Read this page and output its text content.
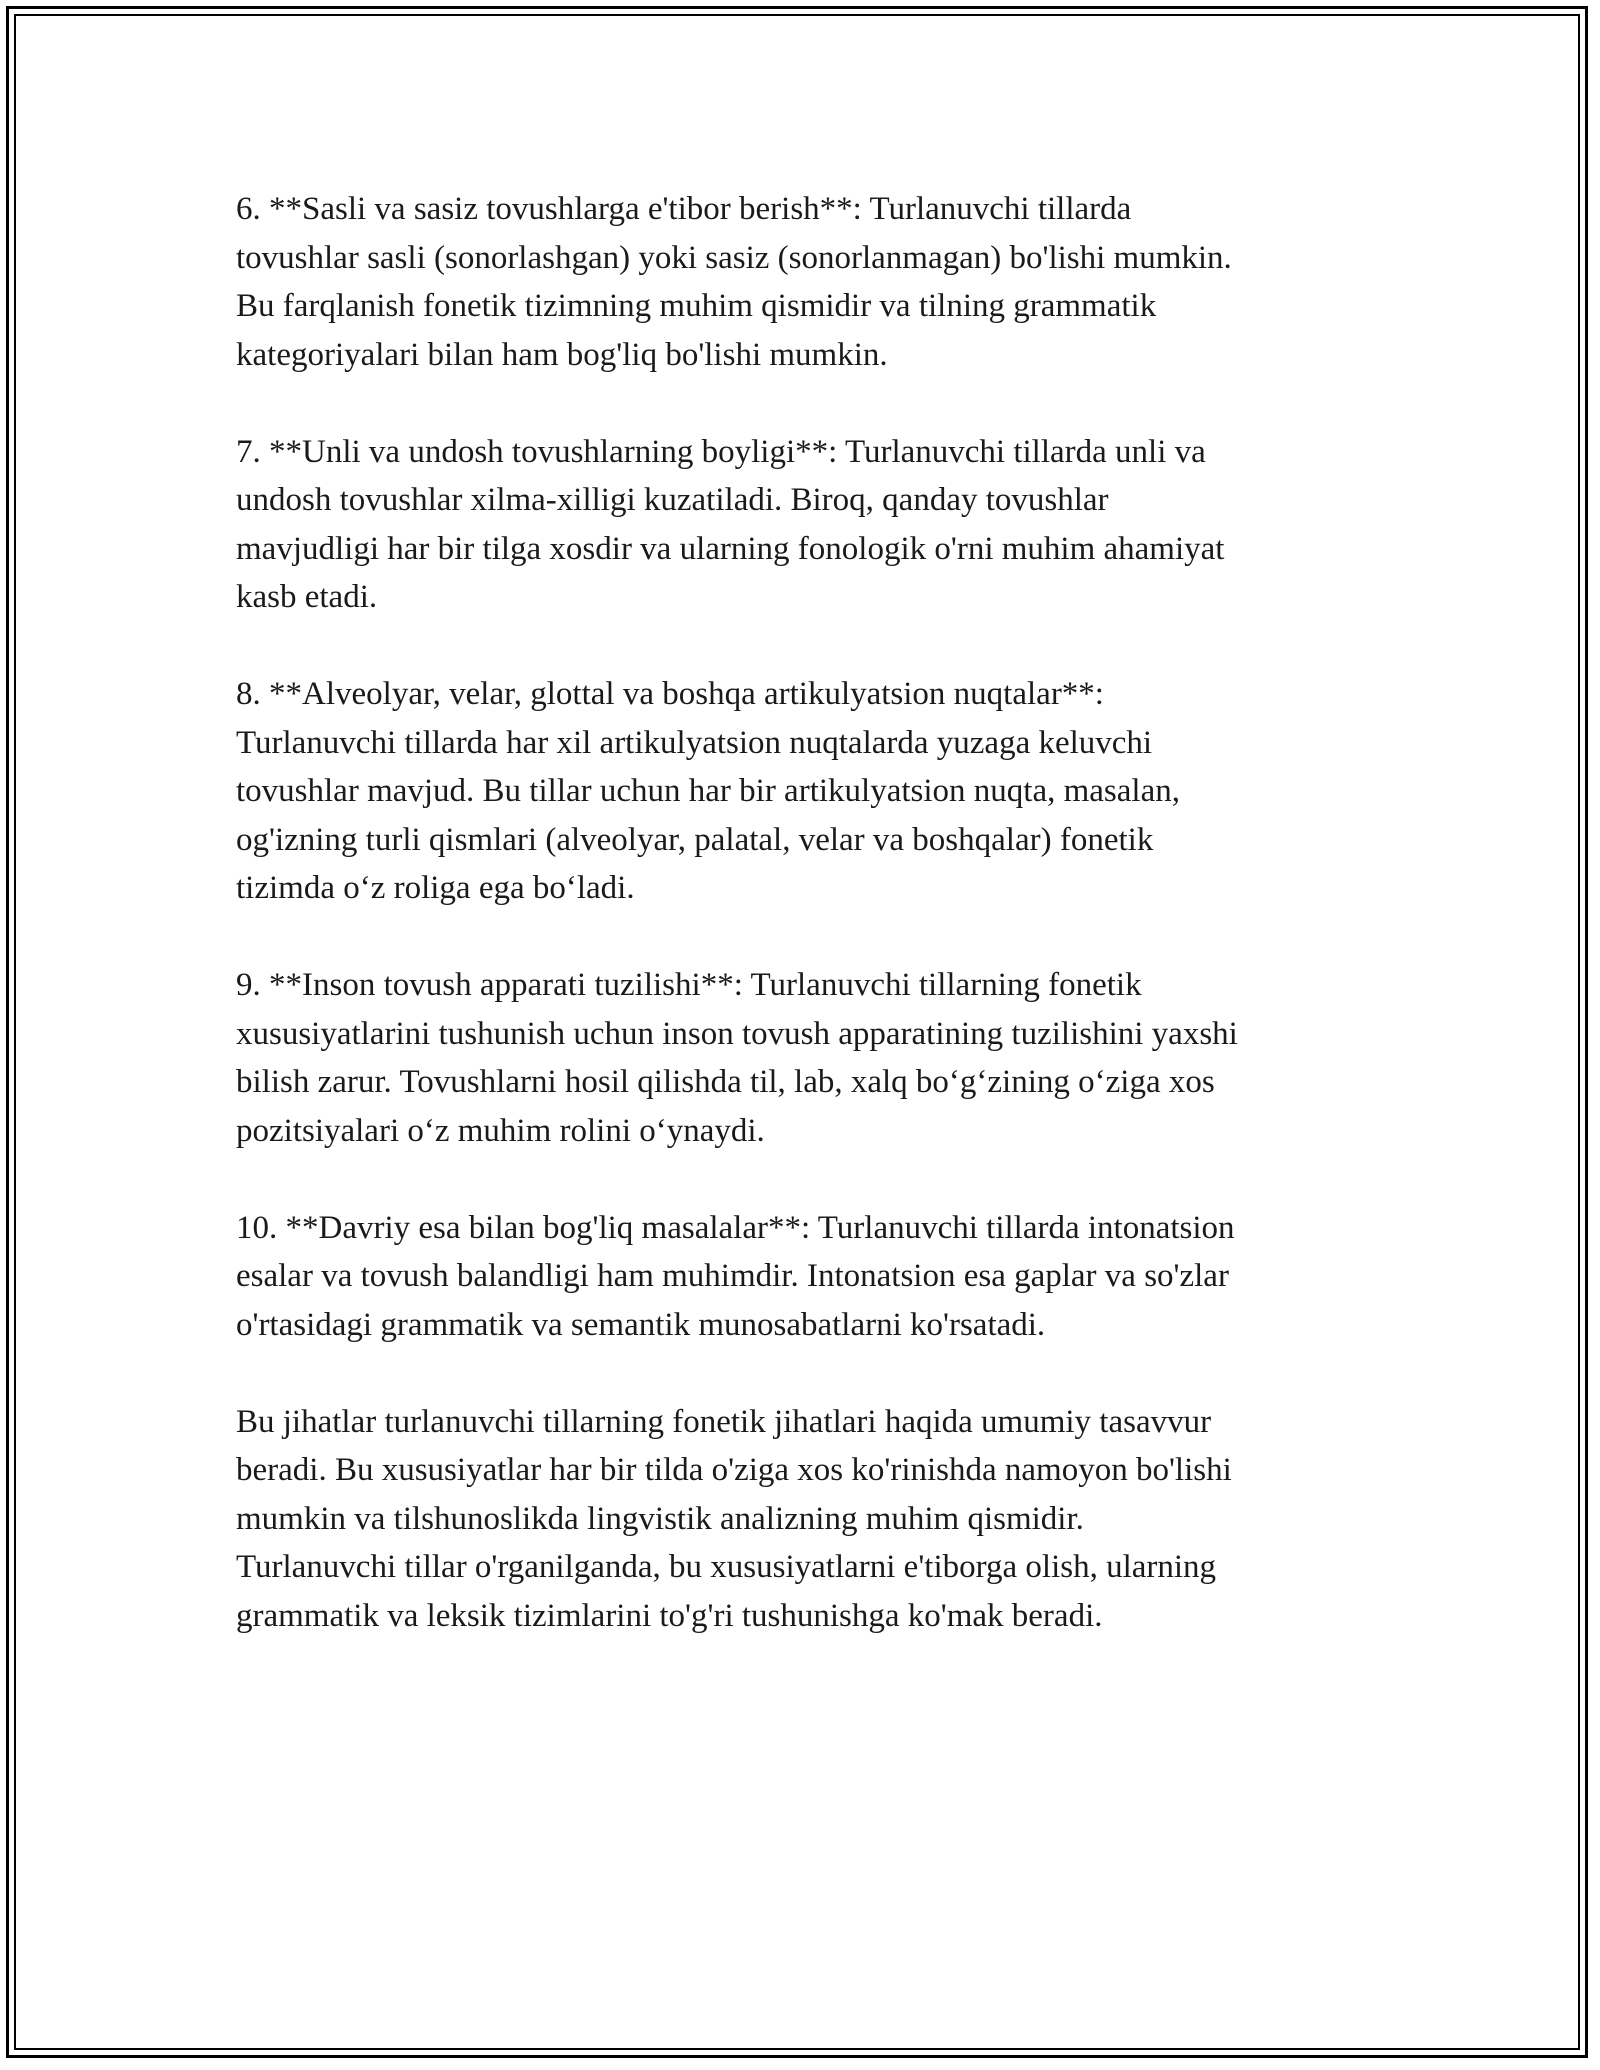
6. **Sasli va sasiz tovushlarga e'tibor berish**: Turlanuvchi tillarda
tovushlar sasli (sonorlashgan) yoki sasiz (sonorlanmagan) bo'lishi mumkin.
Bu farqlanish fonetik tizimning muhim qismidir va tilning grammatik
kategoriyalari bilan ham bog'liq bo'lishi mumkin.

7. **Unli va undosh tovushlarning boyligi**: Turlanuvchi tillarda unli va
undosh tovushlar xilma-xilligi kuzatiladi. Biroq, qanday tovushlar
mavjudligi har bir tilga xosdir va ularning fonologik o'rni muhim ahamiyat
kasb etadi.

8. **Alveolyar, velar, glottal va boshqa artikulyatsion nuqtalar**:
Turlanuvchi tillarda har xil artikulyatsion nuqtalarda yuzaga keluvchi
tovushlar mavjud. Bu tillar uchun har bir artikulyatsion nuqta, masalan,
og'izning turli qismlari (alveolyar, palatal, velar va boshqalar) fonetik
tizimda o‘z roliga ega bo‘ladi.

9. **Inson tovush apparati tuzilishi**: Turlanuvchi tillarning fonetik
xususiyatlarini tushunish uchun inson tovush apparatining tuzilishini yaxshi
bilish zarur. Tovushlarni hosil qilishda til, lab, xalq bo‘g‘zining o‘ziga xos
pozitsiyalari o‘z muhim rolini o‘ynaydi.

10. **Davriy esa bilan bog'liq masalalar**: Turlanuvchi tillarda intonatsion
esalar va tovush balandligi ham muhimdir. Intonatsion esa gaplar va so'zlar
o'rtasidagi grammatik va semantik munosabatlarni ko'rsatadi.

Bu jihatlar turlanuvchi tillarning fonetik jihatlari haqida umumiy tasavvur
beradi. Bu xususiyatlar har bir tilda o'ziga xos ko'rinishda namoyon bo'lishi
mumkin va tilshunoslikda lingvistik analizning muhim qismidir.
Turlanuvchi tillar o'rganilganda, bu xususiyatlarni e'tiborga olish, ularning
grammatik va leksik tizimlarini to'g'ri tushunishga ko'mak beradi.
